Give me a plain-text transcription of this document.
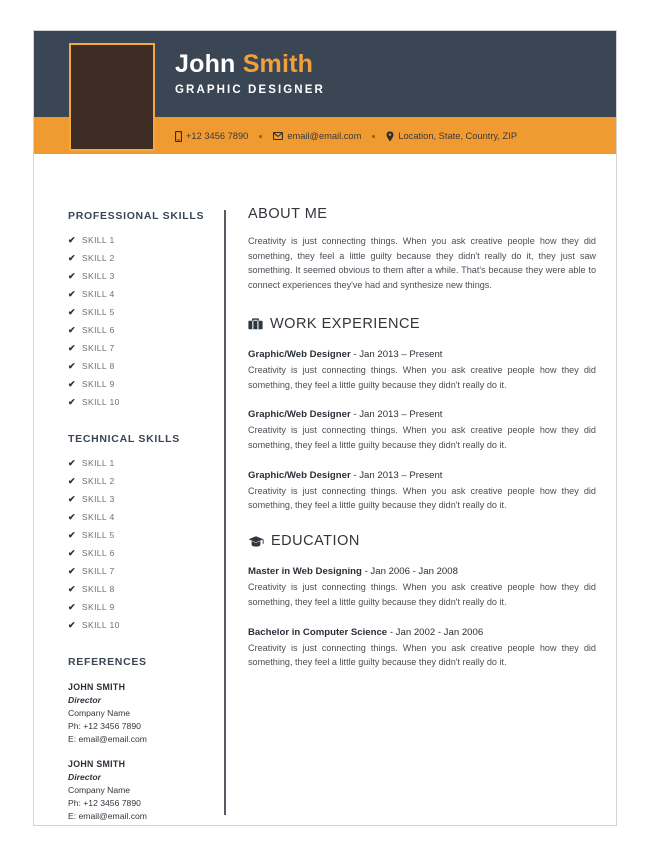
John Smith
GRAPHIC DESIGNER
+12 3456 7890	email@email.com	Location, State, Country, ZIP
PROFESSIONAL SKILLS
✔ SKILL 1
✔ SKILL 2
✔ SKILL 3
✔ SKILL 4
✔ SKILL 5
✔ SKILL 6
✔ SKILL 7
✔ SKILL 8
✔ SKILL 9
✔ SKILL 10
TECHNICAL SKILLS
✔ SKILL 1
✔ SKILL 2
✔ SKILL 3
✔ SKILL 4
✔ SKILL 5
✔ SKILL 6
✔ SKILL 7
✔ SKILL 8
✔ SKILL 9
✔ SKILL 10
REFERENCES

JOHN SMITH

Director

Company Name

Ph: +12 3456 7890

E: email@email.com

JOHN SMITH

Director

Company Name

Ph: +12 3456 7890

E: email@email.com

ABOUT ME

Creativity is just connecting things. When you ask creative people how they did something, they feel a little guilty because they didn't really do it, they just saw something. It seemed obvious to them after a while. That's because they were able to connect experiences they've had and synthesize new things.

WORK EXPERIENCE

Graphic/Web Designer - Jan 2013 – Present

Creativity is just connecting things. When you ask creative people how they did something, they feel a little guilty because they didn't really do it.

Graphic/Web Designer - Jan 2013 – Present

Creativity is just connecting things. When you ask creative people how they did something, they feel a little guilty because they didn't really do it.

Graphic/Web Designer - Jan 2013 – Present

Creativity is just connecting things. When you ask creative people how they did something, they feel a little guilty because they didn't really do it.

EDUCATION

Master in Web Designing - Jan 2006 - Jan 2008

Creativity is just connecting things. When you ask creative people how they did something, they feel a little guilty because they didn't really do it.

Bachelor in Computer Science - Jan 2002 - Jan 2006

Creativity is just connecting things. When you ask creative people how they did something, they feel a little guilty because they didn't really do it.
